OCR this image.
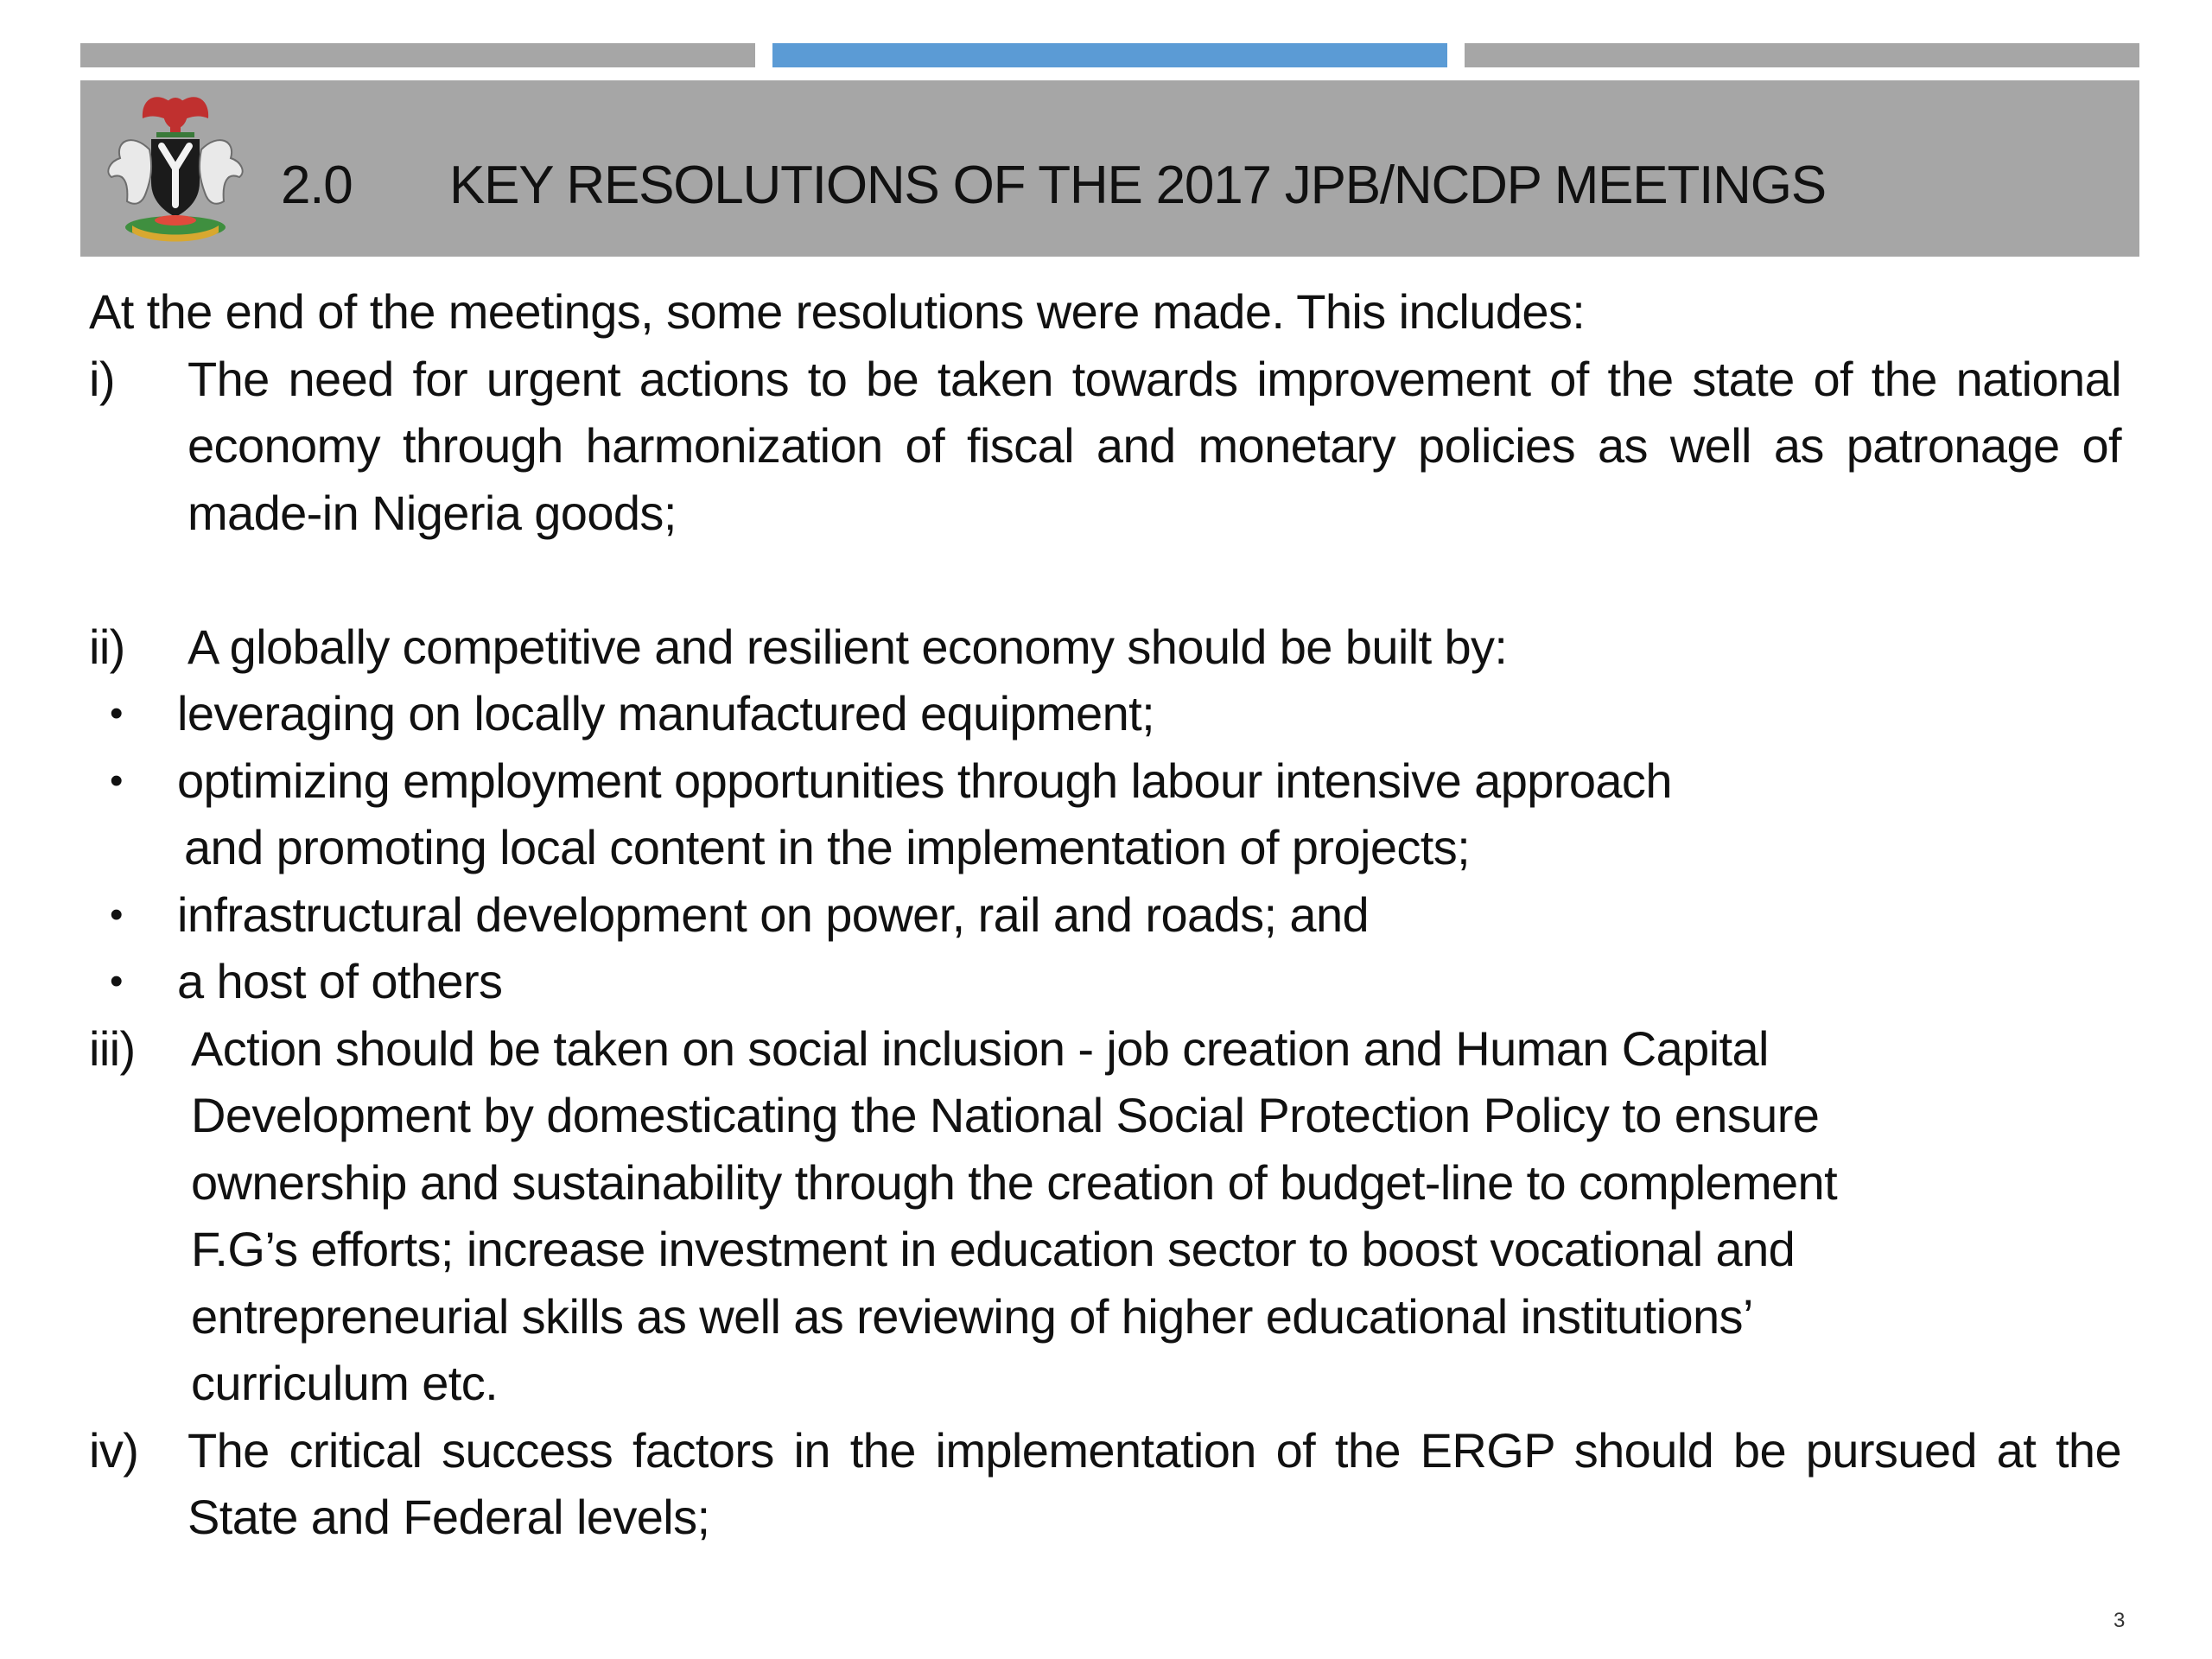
2.0 KEY RESOLUTIONS OF THE 2017 JPB/NCDP MEETINGS
At the end of the meetings, some resolutions were made. This includes:
i) The need for urgent actions to be taken towards improvement of the state of the national economy through harmonization of fiscal and monetary policies as well as patronage of made-in Nigeria goods;
ii) A globally competitive and resilient economy should be built by:
• leveraging on locally manufactured equipment;
• optimizing employment opportunities through labour intensive approach
and promoting local content in the implementation of projects;
• infrastructural development on power, rail and roads; and
• a host of others
iii) Action should be taken on social inclusion - job creation and Human Capital
Development by domesticating the National Social Protection Policy to ensure
ownership and sustainability through the creation of budget-line to complement
F.G’s efforts; increase investment in education sector to boost vocational and
entrepreneurial skills as well as reviewing of higher educational institutions’
curriculum etc.
iv) The critical success factors in the implementation of the ERGP should be pursued at the State and Federal levels;
3
